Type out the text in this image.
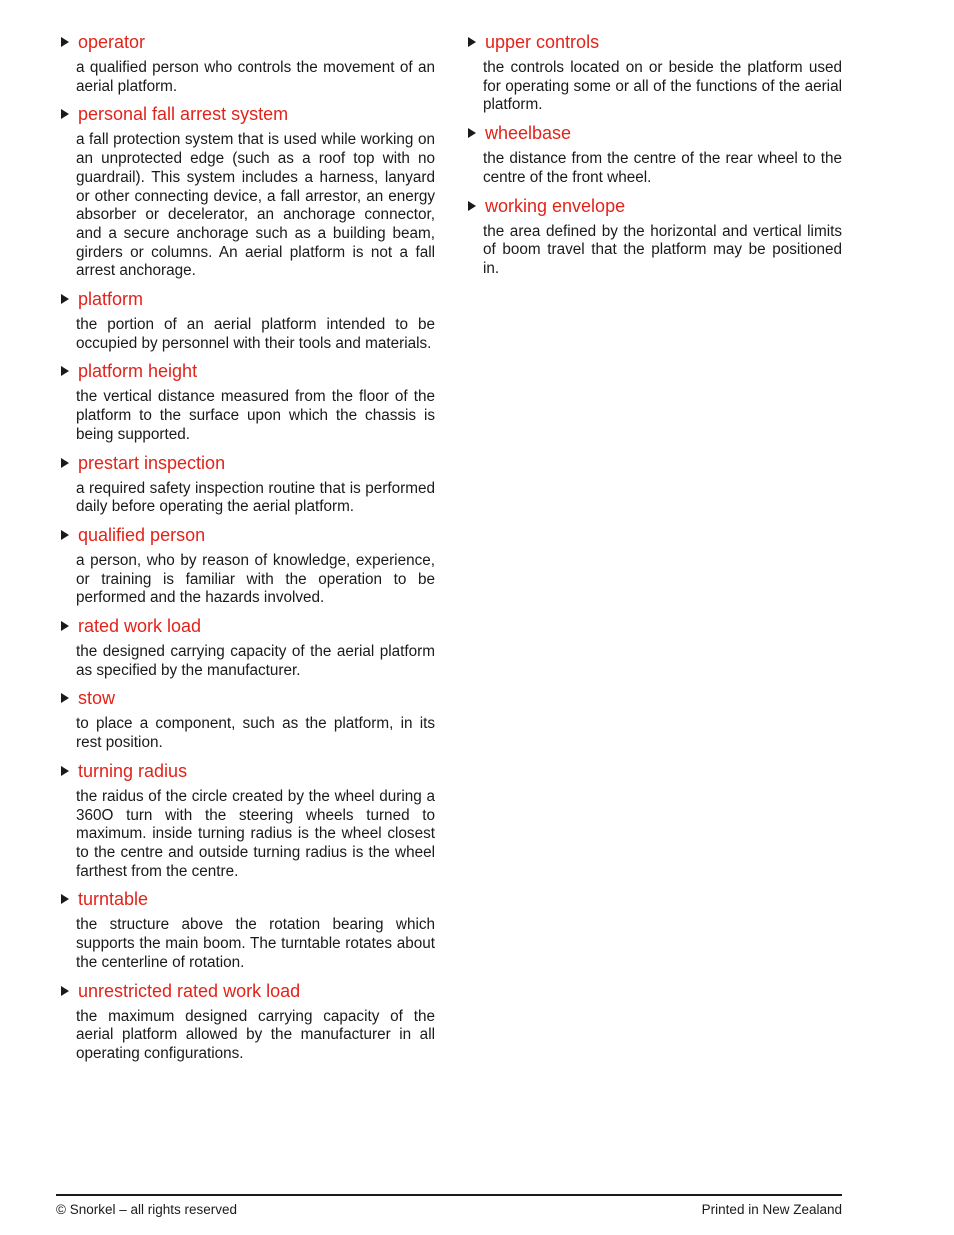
operator

a qualified person who controls the movement of an aerial platform.

personal fall arrest system

a fall protection system that is used while working on an unprotected edge (such as a roof top with no guardrail). This system includes a harness, lanyard or other connecting device, a fall arrestor, an energy absorber or decelerator, an anchorage connector, and a secure anchorage such as a building beam, girders or columns. An aerial platform is not a fall arrest anchorage.

platform

the portion of an aerial platform intended to be occupied by personnel with their tools and materials.

platform height

the vertical distance measured from the floor of the platform to the surface upon which the chassis is being supported.

prestart inspection

a required safety inspection routine that is performed daily before operating the aerial platform.

qualified person

a person, who by reason of knowledge, experience, or training is familiar with the operation to be performed and the hazards involved.

rated work load

the designed carrying capacity of the aerial platform as specified by the manufacturer.

stow

to place a component, such as the platform, in its rest position.

turning radius

the raidus of the circle created by the wheel during a 360O turn with the steering wheels turned to maximum. inside turning radius is the wheel closest to the centre and outside turning radius is the wheel farthest from the centre.

turntable

the structure above the rotation bearing which supports the main boom. The turntable rotates about the centerline of rotation.

unrestricted rated work load

the maximum designed carrying capacity of the aerial platform allowed by the manufacturer in all operating configurations.

upper controls

the controls located on or beside the platform used for operating some or all of the functions of the aerial platform.

wheelbase

the distance from the centre of the rear wheel to the centre of the front wheel.

working envelope

the area defined by the horizontal and vertical limits of boom travel that the platform may be positioned in.

© Snorkel – all rights reserved	Printed in New Zealand
